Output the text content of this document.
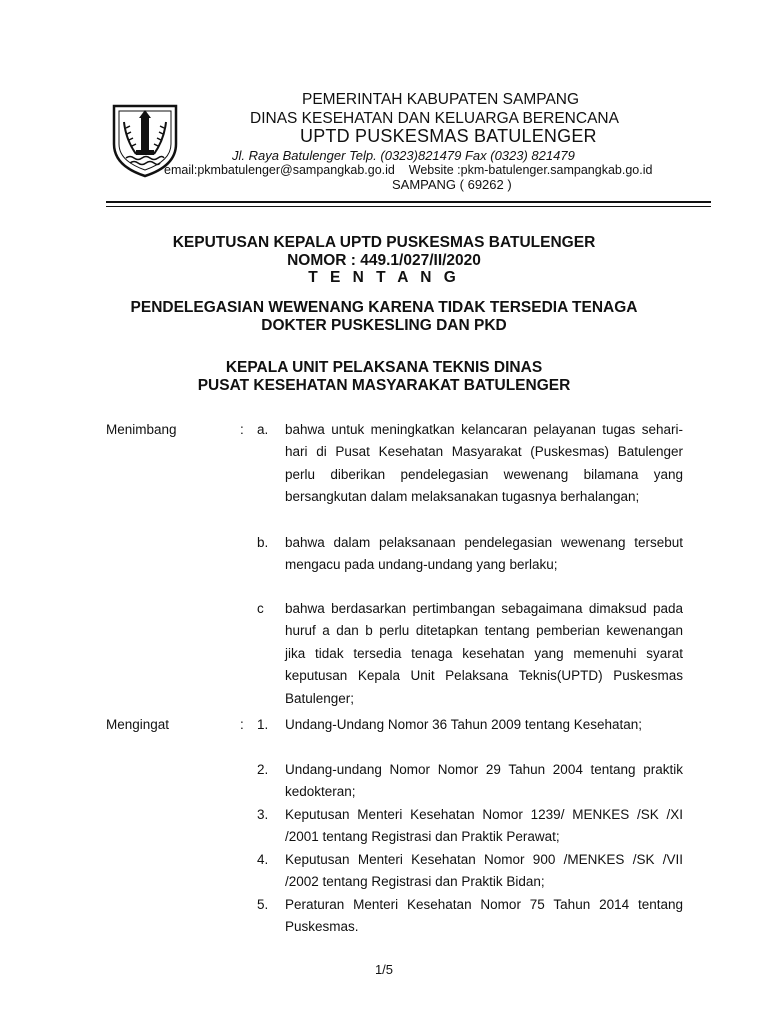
PEMERINTAH KABUPATEN SAMPANG
DINAS KESEHATAN DAN KELUARGA BERENCANA
UPTD PUSKESMAS BATULENGER
Jl. Raya Batulenger Telp. (0323)821479 Fax (0323) 821479
email:pkmbatulenger@sampangkab.go.id    Website :pkm-batulenger.sampangkab.go.id
SAMPANG ( 69262 )
KEPUTUSAN KEPALA UPTD PUSKESMAS BATULENGER
NOMOR : 449.1/027/II/2020
T E N T A N G
PENDELEGASIAN WEWENANG KARENA TIDAK TERSEDIA TENAGA
DOKTER PUSKESLING DAN PKD
KEPALA UNIT PELAKSANA TEKNIS DINAS
PUSAT KESEHATAN MASYARAKAT BATULENGER
Menimbang	: a.	bahwa untuk meningkatkan kelancaran pelayanan tugas sehari-hari di Pusat Kesehatan Masyarakat (Puskesmas) Batulenger perlu diberikan pendelegasian wewenang bilamana yang bersangkutan dalam melaksanakan tugasnya berhalangan;
b.	bahwa dalam pelaksanaan pendelegasian wewenang tersebut mengacu pada undang-undang yang berlaku;
c	bahwa berdasarkan pertimbangan sebagaimana dimaksud pada huruf a dan b perlu ditetapkan tentang pemberian kewenangan jika tidak tersedia tenaga kesehatan yang memenuhi syarat keputusan Kepala Unit Pelaksana Teknis(UPTD) Puskesmas Batulenger;
Mengingat	: 1.	Undang-Undang Nomor 36 Tahun 2009 tentang Kesehatan;
2.	Undang-undang Nomor Nomor 29 Tahun 2004 tentang praktik kedokteran;
3.	Keputusan Menteri Kesehatan Nomor 1239/ MENKES /SK /XI /2001 tentang Registrasi dan Praktik Perawat;
4.	Keputusan Menteri Kesehatan Nomor 900 /MENKES /SK /VII /2002 tentang Registrasi dan Praktik Bidan;
5.	Peraturan Menteri Kesehatan Nomor 75 Tahun 2014 tentang Puskesmas.
1/5
